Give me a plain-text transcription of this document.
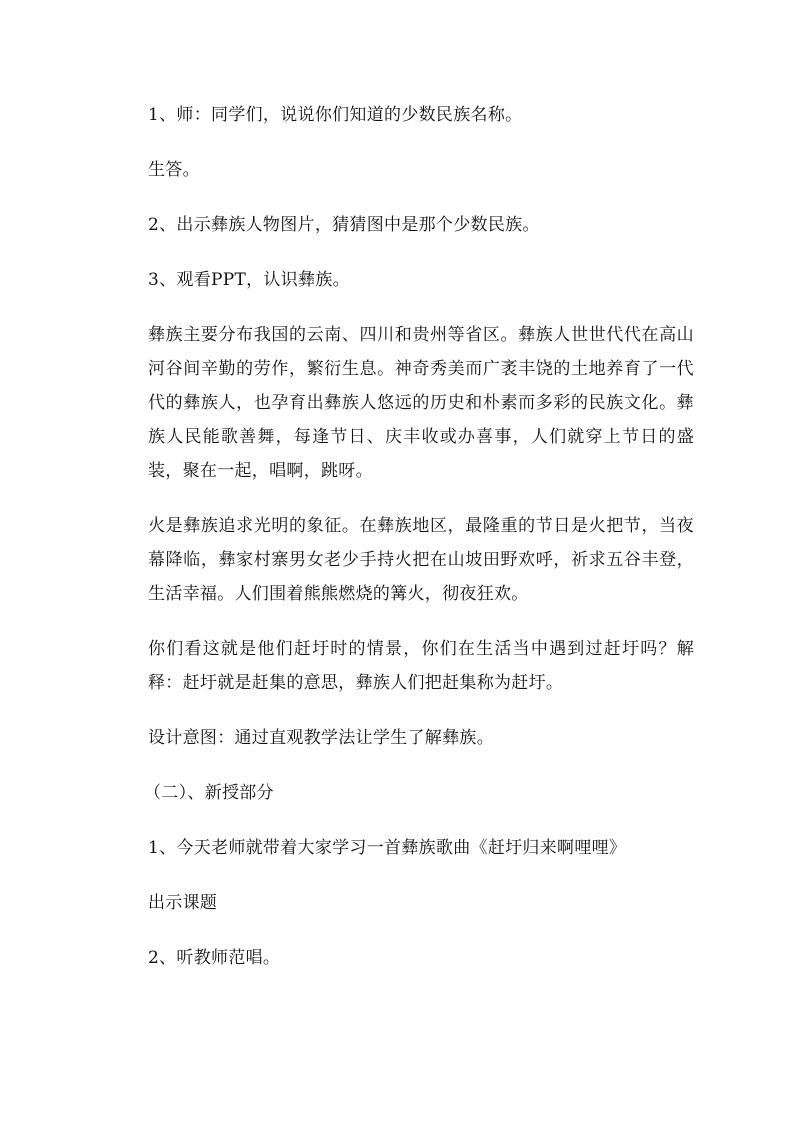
1、师：同学们，说说你们知道的少数民族名称。

生答。

2、出示彝族人物图片，猜猜图中是那个少数民族。

3、观看PPT，认识彝族。

彝族主要分布我国的云南、四川和贵州等省区。彝族人世世代代在高山河谷间辛勤的劳作，繁衍生息。神奇秀美而广袤丰饶的土地养育了一代代的彝族人，也孕育出彝族人悠远的历史和朴素而多彩的民族文化。彝族人民能歌善舞，每逢节日、庆丰收或办喜事，人们就穿上节日的盛装，聚在一起，唱啊，跳呀。

火是彝族追求光明的象征。在彝族地区，最隆重的节日是火把节，当夜幕降临，彝家村寨男女老少手持火把在山坡田野欢呼，祈求五谷丰登，生活幸福。人们围着熊熊燃烧的篝火，彻夜狂欢。

你们看这就是他们赶圩时的情景，你们在生活当中遇到过赶圩吗？解释：赶圩就是赶集的意思，彝族人们把赶集称为赶圩。

设计意图：通过直观教学法让学生了解彝族。

（二）、新授部分

1、今天老师就带着大家学习一首彝族歌曲《赶圩归来啊哩哩》

出示课题

2、听教师范唱。
